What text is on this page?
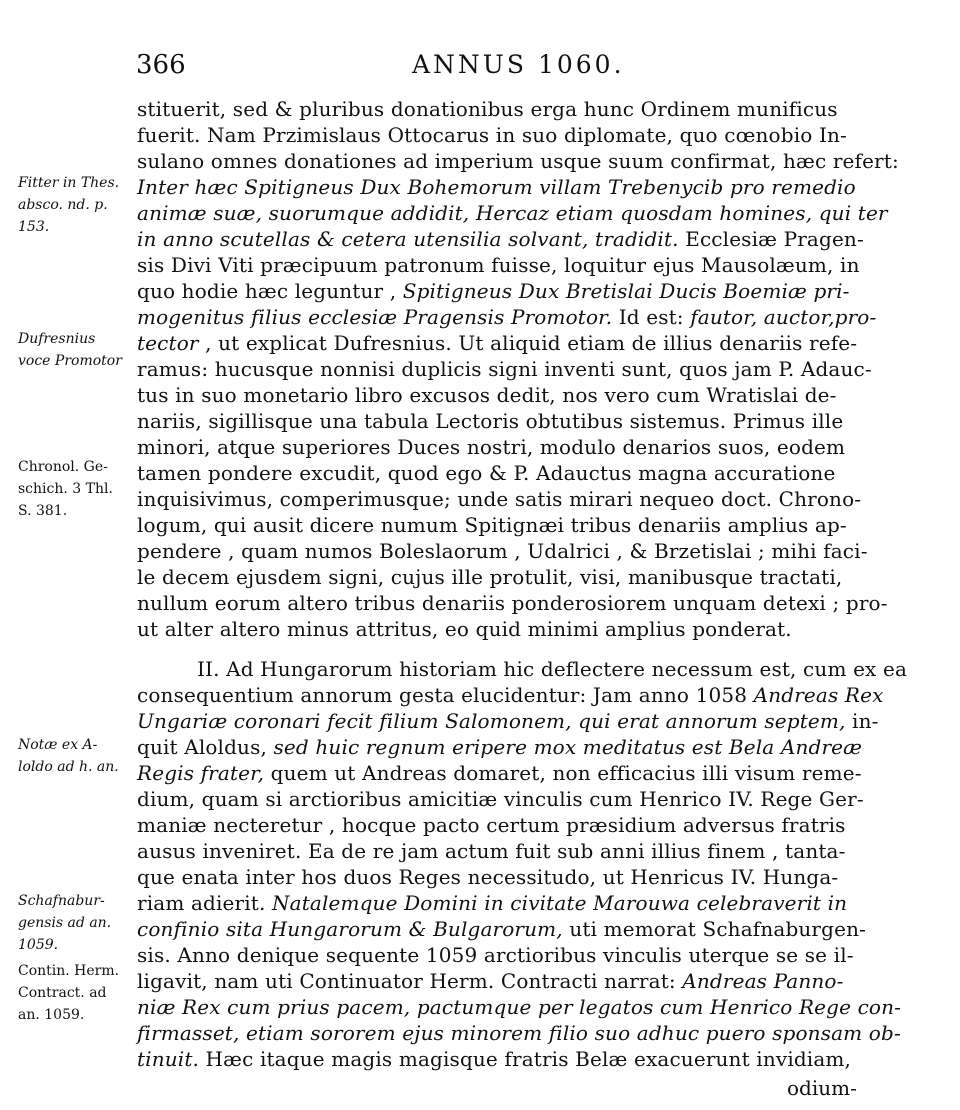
366	ANNUS 1060.
stituerit, sed & pluribus donationibus erga hunc Ordinem munificus
fuerit. Nam Przimislaus Ottocarus in suo diplomate, quo cœnobio In-
sulano omnes donationes ad imperium usque suum confirmat, hæc refert:
Inter hæc Spitigneus Dux Bohemorum villam Trebenycib pro remedio
animæ suæ, suorumque addidit, Hercaz etiam quosdam homines, qui ter
in anno scutellas & cetera utensilia solvant, tradidit. Ecclesiæ Pragen-
sis Divi Viti præcipuum patronum fuisse, loquitur ejus Mausolæum, in
quo hodie hæc leguntur , Spitigneus Dux Bretislai Ducis Boemiæ pri-
mogenitus filius ecclesiæ Pragensis Promotor. Id est: fautor, auctor,pro-
tector , ut explicat Dufresnius. Ut aliquid etiam de illius denariis refe-
ramus: hucusque nonnisi duplicis signi inventi sunt, quos jam P. Adauc-
tus in suo monetario libro excusos dedit, nos vero cum Wratislai de-
nariis, sigillisque una tabula Lectoris obtutibus sistemus. Primus ille
minori, atque superiores Duces nostri, modulo denarios suos, eodem
tamen pondere excudit, quod ego & P. Adauctus magna accuratione
inquisivimus, comperimusque; unde satis mirari nequeo doct. Chrono-
logum, qui ausit dicere numum Spitignæi tribus denariis amplius ap-
pendere , quam numos Boleslaorum , Udalrici , & Brzetislai ; mihi faci-
le decem ejusdem signi, cujus ille protulit, visi, manibusque tractati,
nullum eorum altero tribus denariis ponderosiorem unquam detexi ; pro-
ut alter altero minus attritus, eo quid minimi amplius ponderat.
II. Ad Hungarorum historiam hic deflectere necessum est, cum ex ea
consequentium annorum gesta elucidentur: Jam anno 1058 Andreas Rex
Ungariæ coronari fecit filium Salomonem, qui erat annorum septem, in-
quit Aloldus, sed huic regnum eripere mox meditatus est Bela Andreæ
Regis frater, quem ut Andreas domaret, non efficacius illi visum reme-
dium, quam si arctioribus amicitiæ vinculis cum Henrico IV. Rege Ger-
maniæ necteretur , hocque pacto certum præsidium adversus fratris
ausus inveniret. Ea de re jam actum fuit sub anni illius finem , tanta-
que enata inter hos duos Reges necessitudo, ut Henricus IV. Hunga-
riam adierit. Natalemque Domini in civitate Marouwa celebraverit in
confinio sita Hungarorum & Bulgarorum, uti memorat Schafnaburgen-
sis. Anno denique sequente 1059 arctioribus vinculis uterque se se il-
ligavit, nam uti Continuator Herm. Contracti narrat: Andreas Panno-
niæ Rex cum prius pacem, pactumque per legatos cum Henrico Rege con-
firmasset, etiam sororem ejus minorem filio suo adhuc puero sponsam ob-
tinuit. Hæc itaque magis magisque fratris Belæ exacuerunt invidiam,
odium-
Fitter in Thes.
absco. nd. p.
153.
Dufresnius
voce Promotor
Chronol. Ge-
schich. 3 Thl.
S. 381.
Notæ ex A-
loldo ad h. an.
Schafnabur-
gensis ad an.
1059.
Contin. Herm.
Contract. ad
an. 1059.
